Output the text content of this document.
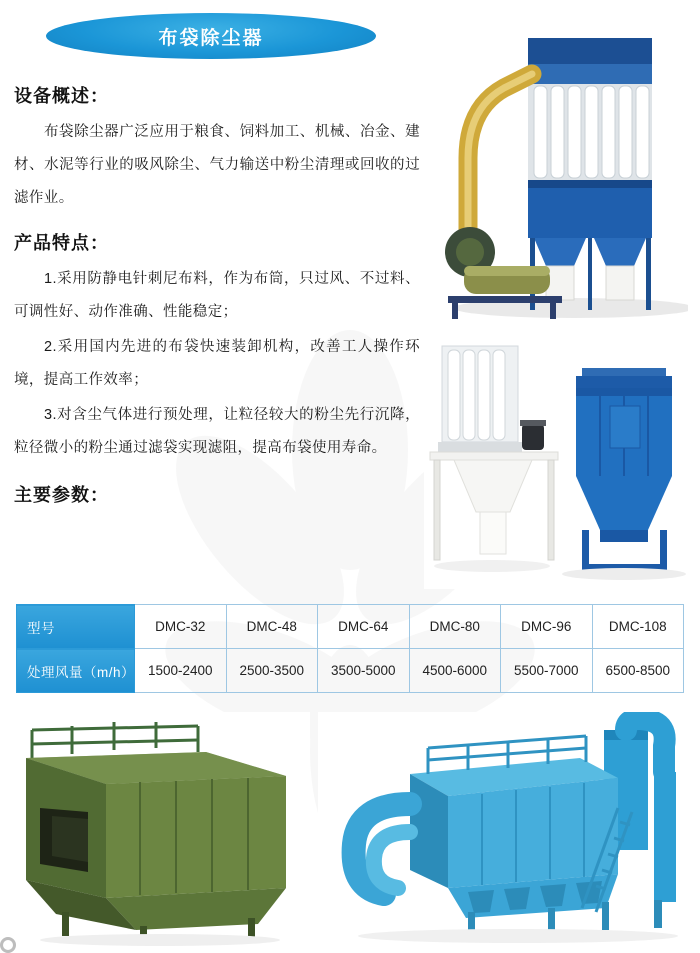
布袋除尘器
设备概述：

布袋除尘器广泛应用于粮食、饲料加工、机械、冶金、建材、水泥等行业的吸风除尘、气力输送中粉尘清理或回收的过滤作业。

产品特点：

1.采用防静电针刺尼布料，作为布筒，只过风、不过料、可调性好、动作准确、性能稳定；

2.采用国内先进的布袋快速装卸机构，改善工人操作环境，提高工作效率；

3.对含尘气体进行预处理，让粒径较大的粉尘先行沉降，粒径微小的粉尘通过滤袋实现滤阻，提高布袋使用寿命。

主要参数：
型号	DMC-32	DMC-48	DMC-64	DMC-80	DMC-96	DMC-108
处理风量（m/h）	1500-2400	2500-3500	3500-5000	4500-6000	5500-7000	6500-8500
